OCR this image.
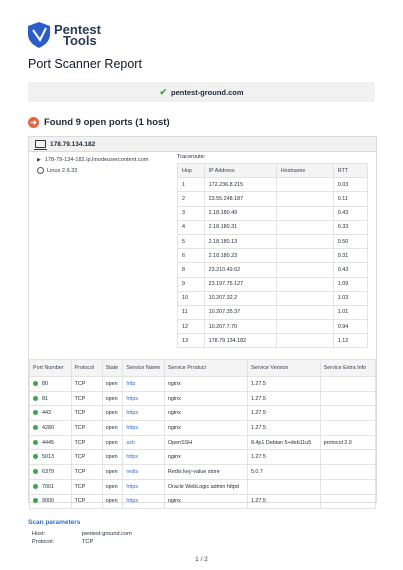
Pentest
Tools
Port Scanner Report
✔ pentest-ground.com
➜ Found 9 open ports (1 host)
178.79.134.182
▶ 178-79-134-182.ip.linodeusercontent.com
Linux 2.6.32
Traceroute:
Hop	IP Address	Hostname	RTT
1	172.236.8.215		0.03
2	23.55.248.187		0.11
3	2.18.180.49		0.43
4	2.18.180.31		0.33
5	2.18.180.13		0.50
6	2.18.180.23		0.31
8	23.210.49.62		0.43
9	23.197.75.127		1.09
10	10.207.32.2		1.03
11	10.207.35.37		1.01
12	10.207.7.70		0.94
13	178.79.134.182		1.12
Port Number	Protocol	State	Service Name	Service Product	Service Version	Service Extra Info
80	TCP	open	http	nginx	1.27.5	
81	TCP	open	https	nginx	1.27.5	
443	TCP	open	https	nginx	1.27.5	
4280	TCP	open	https	nginx	1.27.5	
4445	TCP	open	ssh	OpenSSH	8.4p1 Debian 5+deb11u5	protocol 2.0
5013	TCP	open	https	nginx	1.27.5	
6379	TCP	open	redis	Redis key-value store	5.0.7	
7001	TCP	open	https	Oracle WebLogic admin httpd		
9000	TCP	open	https	nginx	1.27.5	
Scan parameters
Host:	pentest-ground.com
Protocol:	TCP
1 / 2
